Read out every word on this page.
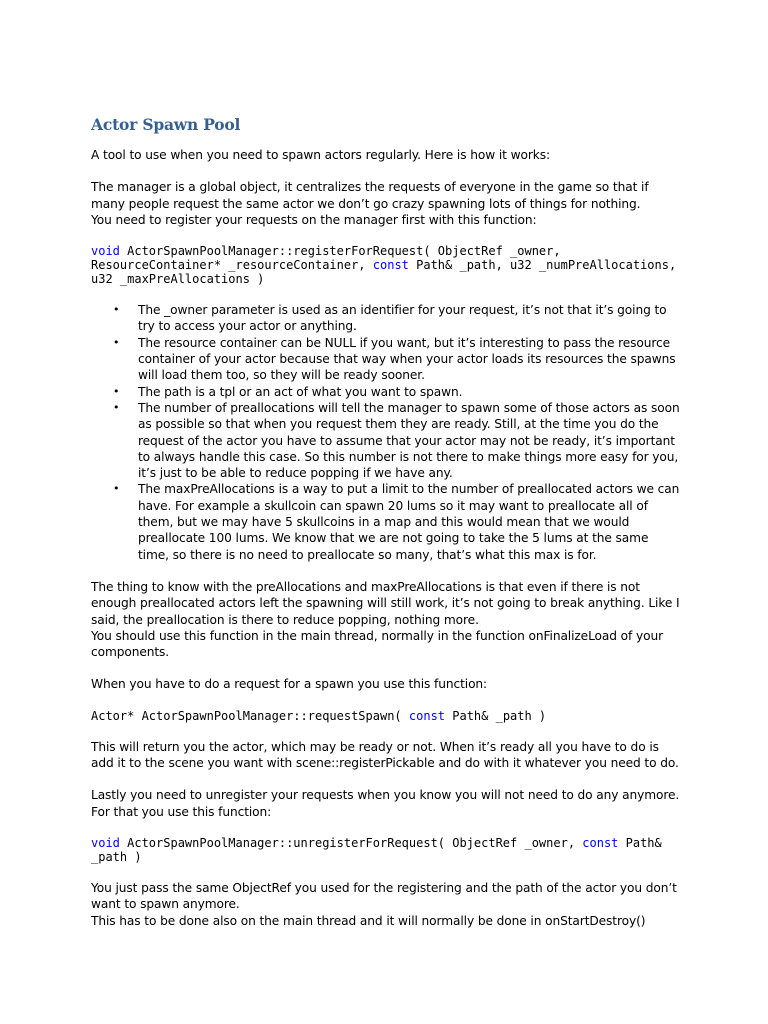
Actor Spawn Pool

A tool to use when you need to spawn actors regularly. Here is how it works:

The manager is a global object, it centralizes the requests of everyone in the game so that if many people request the same actor we don’t go crazy spawning lots of things for nothing.

You need to register your requests on the manager first with this function:

void ActorSpawnPoolManager::registerForRequest( ObjectRef _owner, ResourceContainer* _resourceContainer, const Path& _path, u32 _numPreAllocations, u32 _maxPreAllocations )
• The _owner parameter is used as an identifier for your request, it’s not that it’s going to try to access your actor or anything.
• The resource container can be NULL if you want, but it’s interesting to pass the resource container of your actor because that way when your actor loads its resources the spawns will load them too, so they will be ready sooner.
• The path is a tpl or an act of what you want to spawn.
• The number of preallocations will tell the manager to spawn some of those actors as soon as possible so that when you request them they are ready. Still, at the time you do the request of the actor you have to assume that your actor may not be ready, it’s important to always handle this case. So this number is not there to make things more easy for you, it’s just to be able to reduce popping if we have any.
• The maxPreAllocations is a way to put a limit to the number of preallocated actors we can have. For example a skullcoin can spawn 20 lums so it may want to preallocate all of them, but we may have 5 skullcoins in a map and this would mean that we would preallocate 100 lums. We know that we are not going to take the 5 lums at the same time, so there is no need to preallocate so many, that’s what this max is for.

The thing to know with the preAllocations and maxPreAllocations is that even if there is not enough preallocated actors left the spawning will still work, it’s not going to break anything. Like I said, the preallocation is there to reduce popping, nothing more.

You should use this function in the main thread, normally in the function onFinalizeLoad of your components.

When you have to do a request for a spawn you use this function:

Actor* ActorSpawnPoolManager::requestSpawn( const Path& _path )

This will return you the actor, which may be ready or not. When it’s ready all you have to do is add it to the scene you want with scene::registerPickable and do with it whatever you need to do.

Lastly you need to unregister your requests when you know you will not need to do any anymore.

For that you use this function:

void ActorSpawnPoolManager::unregisterForRequest( ObjectRef _owner, const Path& _path )

You just pass the same ObjectRef you used for the registering and the path of the actor you don’t want to spawn anymore.

This has to be done also on the main thread and it will normally be done in onStartDestroy()
